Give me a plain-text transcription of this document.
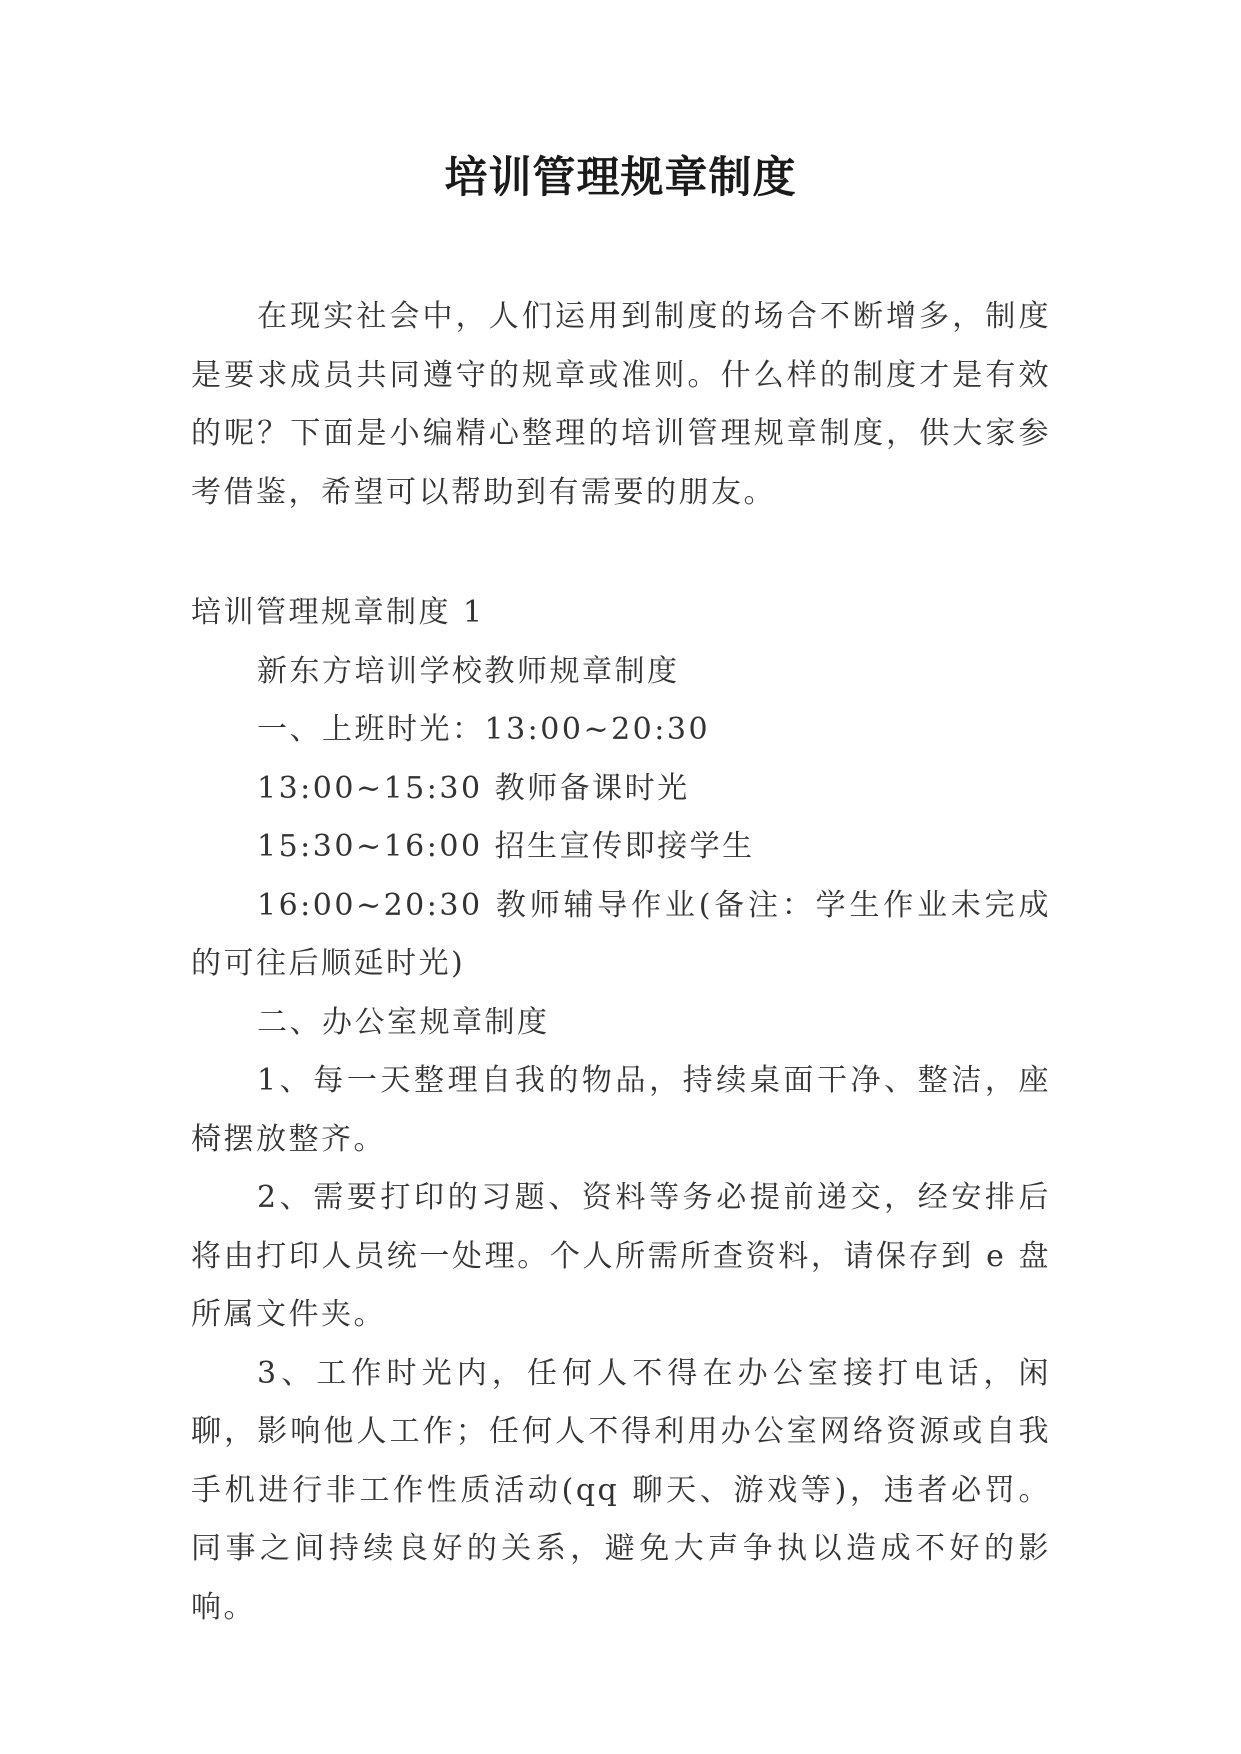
培训管理规章制度

在现实社会中，人们运用到制度的场合不断增多，制度是要求成员共同遵守的规章或准则。什么样的制度才是有效的呢？下面是小编精心整理的培训管理规章制度，供大家参考借鉴，希望可以帮助到有需要的朋友。

培训管理规章制度 1

新东方培训学校教师规章制度

一、上班时光：13:00~20:30

13:00~15:30 教师备课时光

15:30~16:00 招生宣传即接学生

16:00~20:30 教师辅导作业(备注：学生作业未完成的可往后顺延时光)

二、办公室规章制度

1、每一天整理自我的物品，持续桌面干净、整洁，座椅摆放整齐。

2、需要打印的习题、资料等务必提前递交，经安排后将由打印人员统一处理。个人所需所查资料，请保存到 e 盘所属文件夹。

3、工作时光内，任何人不得在办公室接打电话，闲聊，影响他人工作；任何人不得利用办公室网络资源或自我手机进行非工作性质活动(qq 聊天、游戏等)，违者必罚。同事之间持续良好的关系，避免大声争执以造成不好的影响。
